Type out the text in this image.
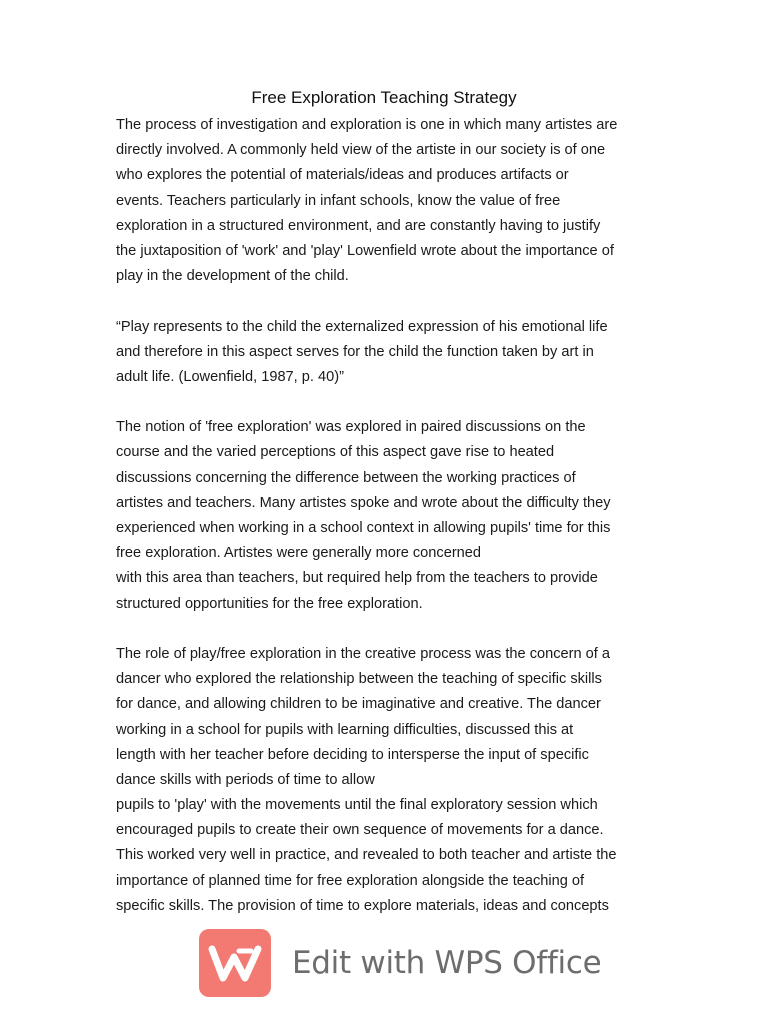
Free Exploration Teaching Strategy
The process of investigation and exploration is one in which many artistes are
directly involved. A commonly held view of the artiste in our society is of one
who explores the potential of materials/ideas and produces artifacts or
events. Teachers particularly in infant schools, know the value of free
exploration in a structured environment, and are constantly having to justify
the juxtaposition of 'work' and 'play' Lowenfield wrote about the importance of
play in the development of the child.
“Play represents to the child the externalized expression of his emotional life
and therefore in this aspect serves for the child the function taken by art in
adult life. (Lowenfield, 1987, p. 40)”
The notion of 'free exploration' was explored in paired discussions on the
course and the varied perceptions of this aspect gave rise to heated
discussions concerning the difference between the working practices of
artistes and teachers. Many artistes spoke and wrote about the difficulty they
experienced when working in a school context in allowing pupils' time for this
free exploration. Artistes were generally more concerned
with this area than teachers, but required help from the teachers to provide
structured opportunities for the free exploration.
The role of play/free exploration in the creative process was the concern of a
dancer who explored the relationship between the teaching of specific skills
for dance, and allowing children to be imaginative and creative. The dancer
working in a school for pupils with learning difficulties, discussed this at
length with her teacher before deciding to intersperse the input of specific
dance skills with periods of time to allow
pupils to 'play' with the movements until the final exploratory session which
encouraged pupils to create their own sequence of movements for a dance.
This worked very well in practice, and revealed to both teacher and artiste the
importance of planned time for free exploration alongside the teaching of
specific skills. The provision of time to explore materials, ideas and concepts
Edit with WPS Office
